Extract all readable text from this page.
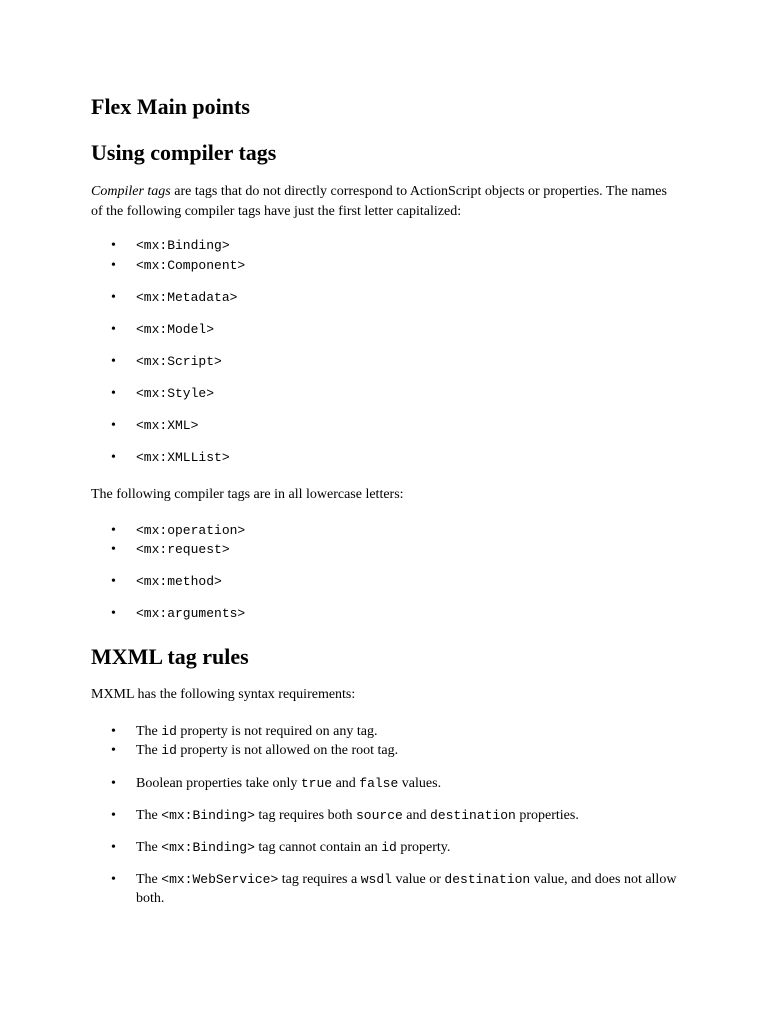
Flex Main points
Using compiler tags
Compiler tags are tags that do not directly correspond to ActionScript objects or properties. The names of the following compiler tags have just the first letter capitalized:
• <mx:Binding>
• <mx:Component>
• <mx:Metadata>
• <mx:Model>
• <mx:Script>
• <mx:Style>
• <mx:XML>
• <mx:XMLList>
The following compiler tags are in all lowercase letters:
• <mx:operation>
• <mx:request>
• <mx:method>
• <mx:arguments>
MXML tag rules
MXML has the following syntax requirements:
• The id property is not required on any tag.
• The id property is not allowed on the root tag.
• Boolean properties take only true and false values.
• The <mx:Binding> tag requires both source and destination properties.
• The <mx:Binding> tag cannot contain an id property.
• The <mx:WebService> tag requires a wsdl value or destination value, and does not allow both.
